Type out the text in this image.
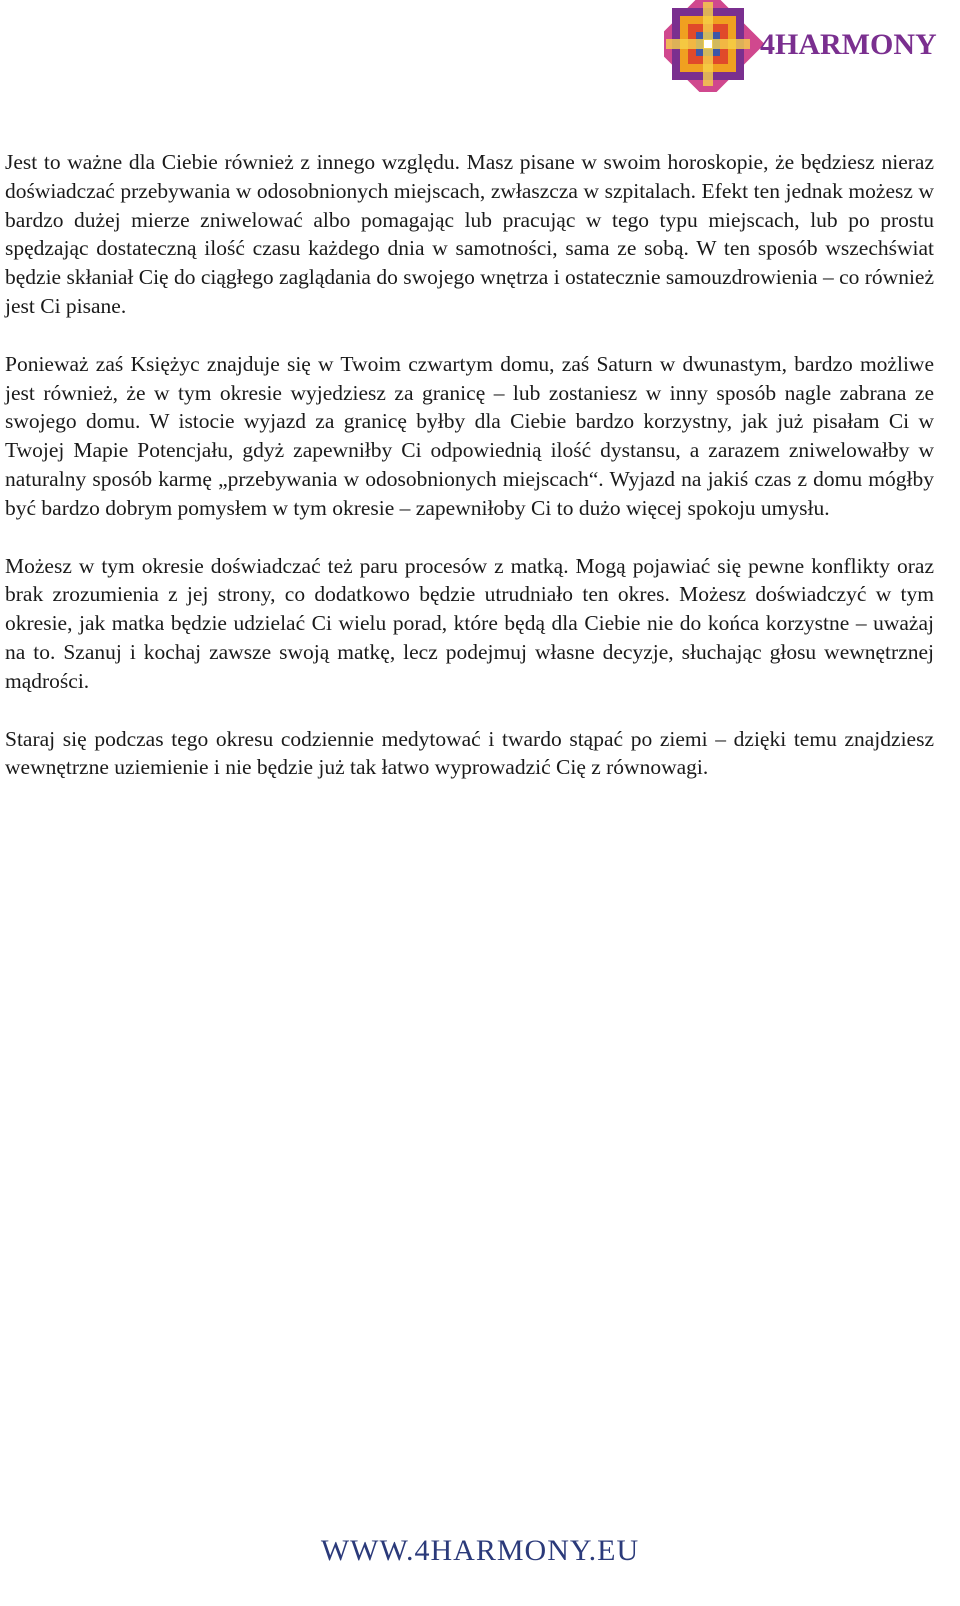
4HARMONY

Jest to ważne dla Ciebie również z innego względu. Masz pisane w swoim horoskopie, że będziesz nieraz doświadczać przebywania w odosobnionych miejscach, zwłaszcza w szpitalach. Efekt ten jednak możesz w bardzo dużej mierze zniwelować albo pomagając lub pracując w tego typu miejscach, lub po prostu spędzając dostateczną ilość czasu każdego dnia w samotności, sama ze sobą. W ten sposób wszechświat będzie skłaniał Cię do ciągłego zaglądania do swojego wnętrza i ostatecznie samouzdrowienia – co również jest Ci pisane.

Ponieważ zaś Księżyc znajduje się w Twoim czwartym domu, zaś Saturn w dwunastym, bardzo możliwe jest również, że w tym okresie wyjedziesz za granicę – lub zostaniesz w inny sposób nagle zabrana ze swojego domu. W istocie wyjazd za granicę byłby dla Ciebie bardzo korzystny, jak już pisałam Ci w Twojej Mapie Potencjału, gdyż zapewniłby Ci odpowiednią ilość dystansu, a zarazem zniwelowałby w naturalny sposób karmę „przebywania w odosobnionych miejscach“. Wyjazd na jakiś czas z domu mógłby być bardzo dobrym pomysłem w tym okresie – zapewniłoby Ci to dużo więcej spokoju umysłu.

Możesz w tym okresie doświadczać też paru procesów z matką. Mogą pojawiać się pewne konflikty oraz brak zrozumienia z jej strony, co dodatkowo będzie utrudniało ten okres. Możesz doświadczyć w tym okresie, jak matka będzie udzielać Ci wielu porad, które będą dla Ciebie nie do końca korzystne – uważaj na to. Szanuj i kochaj zawsze swoją matkę, lecz podejmuj własne decyzje, słuchając głosu wewnętrznej mądrości.

Staraj się podczas tego okresu codziennie medytować i twardo stąpać po ziemi – dzięki temu znajdziesz wewnętrzne uziemienie i nie będzie już tak łatwo wyprowadzić Cię z równowagi.

WWW.4HARMONY.EU
